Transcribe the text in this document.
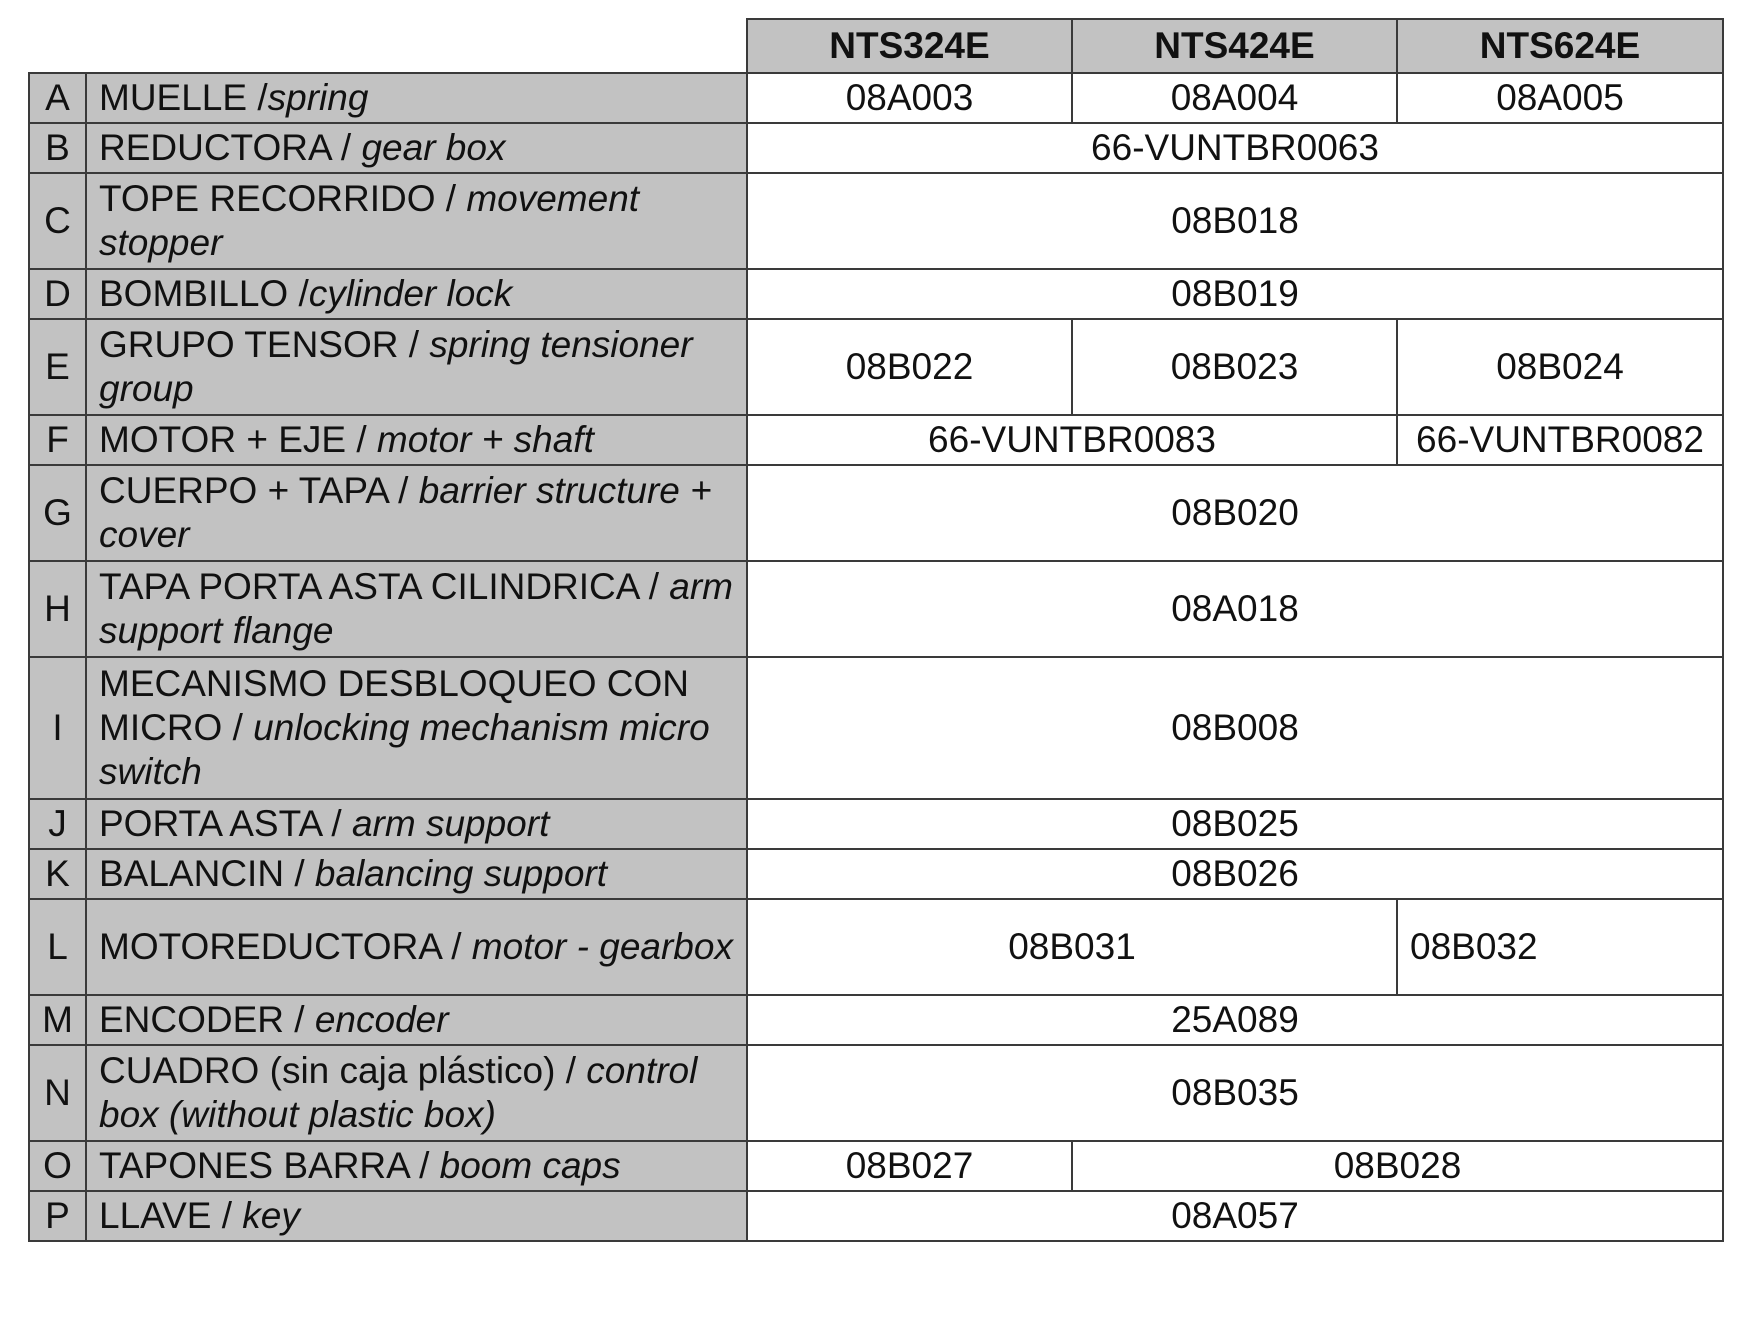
		NTS324E	NTS424E	NTS624E
A	MUELLE /spring	08A003	08A004	08A005
B	REDUCTORA / gear box	66-VUNTBR0063		
C	TOPE RECORRIDO / movement stopper	08B018		
D	BOMBILLO /cylinder lock	08B019		
E	GRUPO TENSOR / spring tensioner group	08B022	08B023	08B024
F	MOTOR + EJE / motor + shaft	66-VUNTBR0083		66-VUNTBR0082
G	CUERPO + TAPA / barrier structure + cover	08B020		
H	TAPA PORTA ASTA CILINDRICA / arm support flange	08A018		
I	MECANISMO DESBLOQUEO CON MICRO / unlocking mechanism micro switch	08B008		
J	PORTA ASTA / arm support	08B025		
K	BALANCIN / balancing support	08B026		
L	MOTOREDUCTORA / motor - gearbox	08B031		08B032
M	ENCODER / encoder	25A089		
N	CUADRO (sin caja plástico) / control box (without plastic box)	08B035		
O	TAPONES BARRA / boom caps	08B027	08B028	
P	LLAVE / key	08A057		
